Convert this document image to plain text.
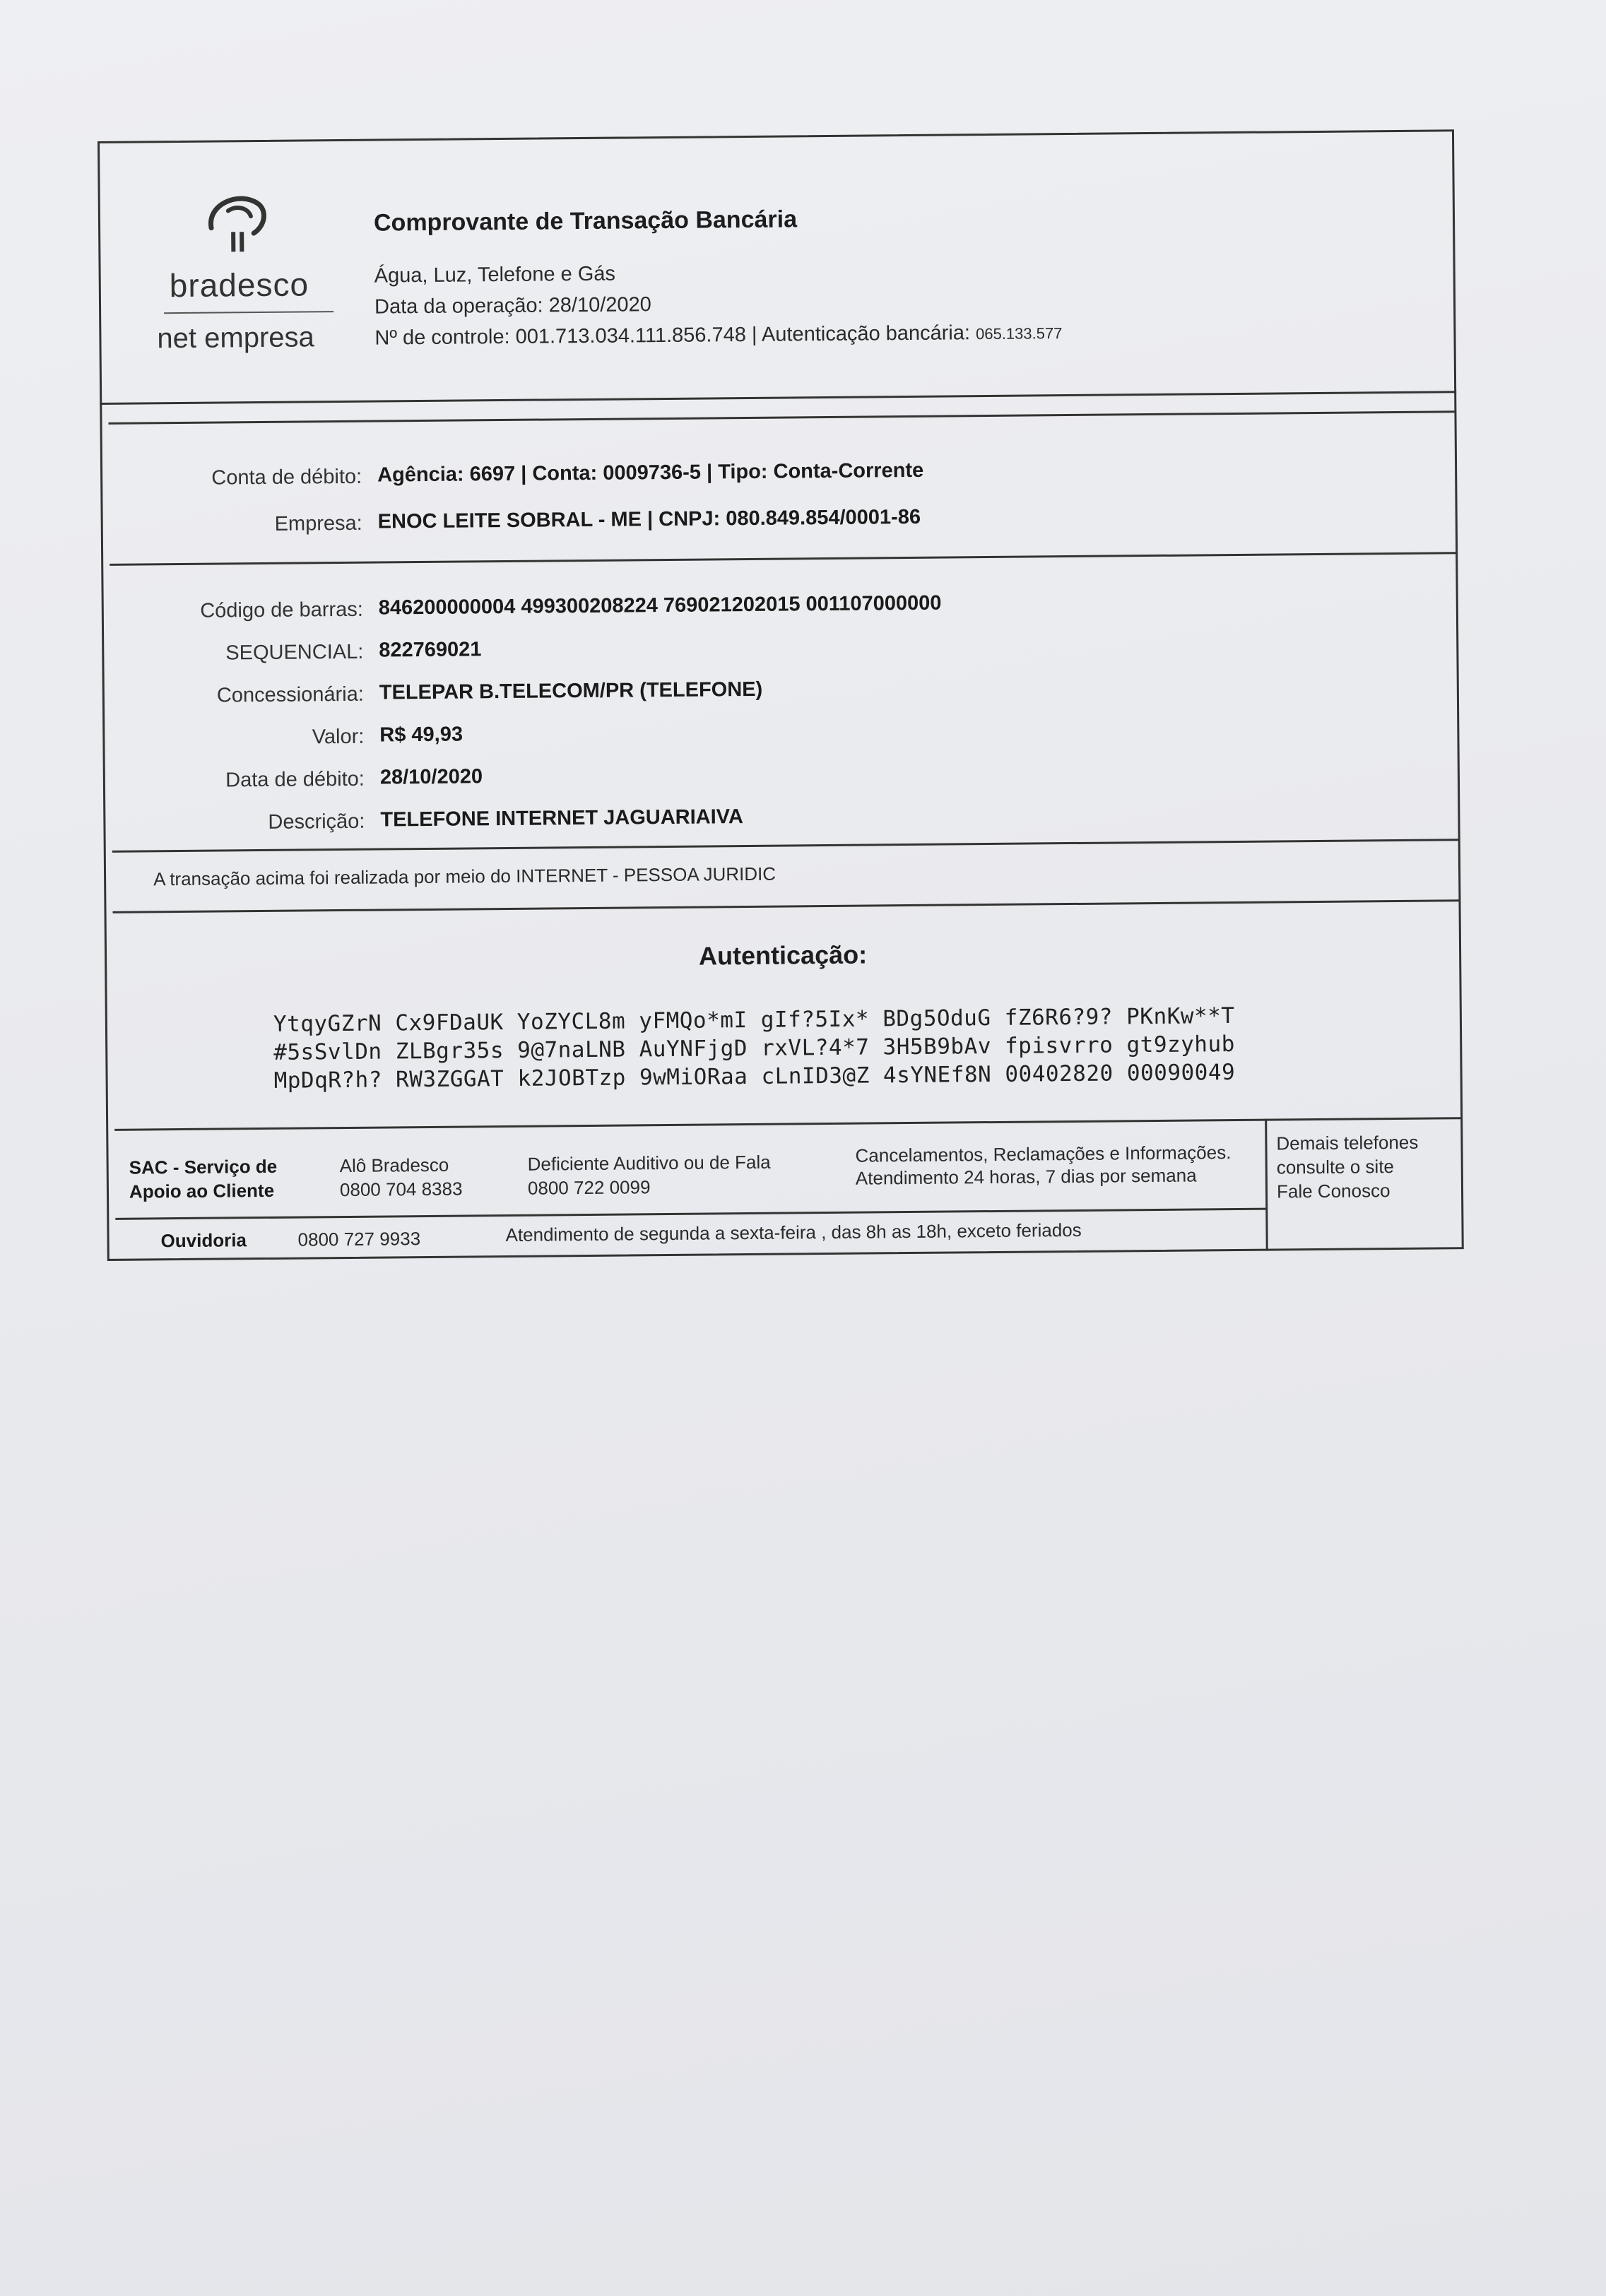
bradesco
net empresa
Comprovante de Transação Bancária
Água, Luz, Telefone e Gás
Data da operação: 28/10/2020
Nº de controle: 001.713.034.111.856.748 | Autenticação bancária: 065.133.577
Conta de débito: Agência: 6697 | Conta: 0009736-5 | Tipo: Conta-Corrente
Empresa: ENOC LEITE SOBRAL - ME | CNPJ: 080.849.854/0001-86
Código de barras: 846200000004 499300208224 769021202015 001107000000
SEQUENCIAL: 822769021
Concessionária: TELEPAR B.TELECOM/PR (TELEFONE)
Valor: R$ 49,93
Data de débito: 28/10/2020
Descrição: TELEFONE INTERNET JAGUARIAIVA
A transação acima foi realizada por meio do INTERNET - PESSOA JURIDIC
Autenticação:
YtqyGZrN Cx9FDaUK YoZYCL8m yFMQo*mI gIf?5Ix* BDg5OduG fZ6R6?9? PKnKw**T
#5sSvlDn ZLBgr35s 9@7naLNB AuYNFjgD rxVL?4*7 3H5B9bAv fpisvrro gt9zyhub
MpDqR?h? RW3ZGGAT k2JOBTzp 9wMiORaa cLnID3@Z 4sYNEf8N 00402820 00090049
SAC - Serviço de
Apoio ao Cliente
Alô Bradesco
0800 704 8383
Deficiente Auditivo ou de Fala
0800 722 0099
Cancelamentos, Reclamações e Informações.
Atendimento 24 horas, 7 dias por semana
Demais telefones
consulte o site
Fale Conosco
Ouvidoria	0800 727 9933	Atendimento de segunda a sexta-feira , das 8h as 18h, exceto feriados
